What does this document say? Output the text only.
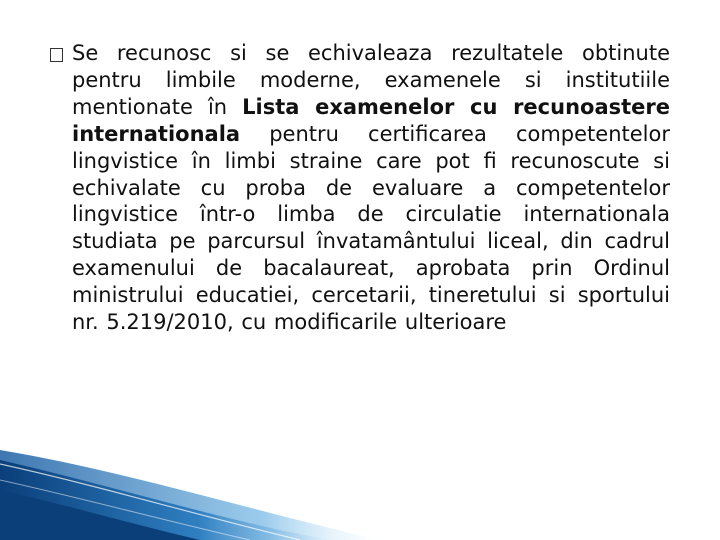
Se recunosc si se echivaleaza rezultatele obtinute pentru limbile moderne, examenele si institutiile mentionate în Lista examenelor cu recunoastere internationala pentru certificarea competentelor lingvistice în limbi straine care pot fi recunoscute si echivalate cu proba de evaluare a competentelor lingvistice într-o limba de circulatie internationala studiata pe parcursul învatamântului liceal, din cadrul examenului de bacalaureat, aprobata prin Ordinul ministrului educatiei, cercetarii, tineretului si sportului nr. 5.219/2010, cu modificarile ulterioare
